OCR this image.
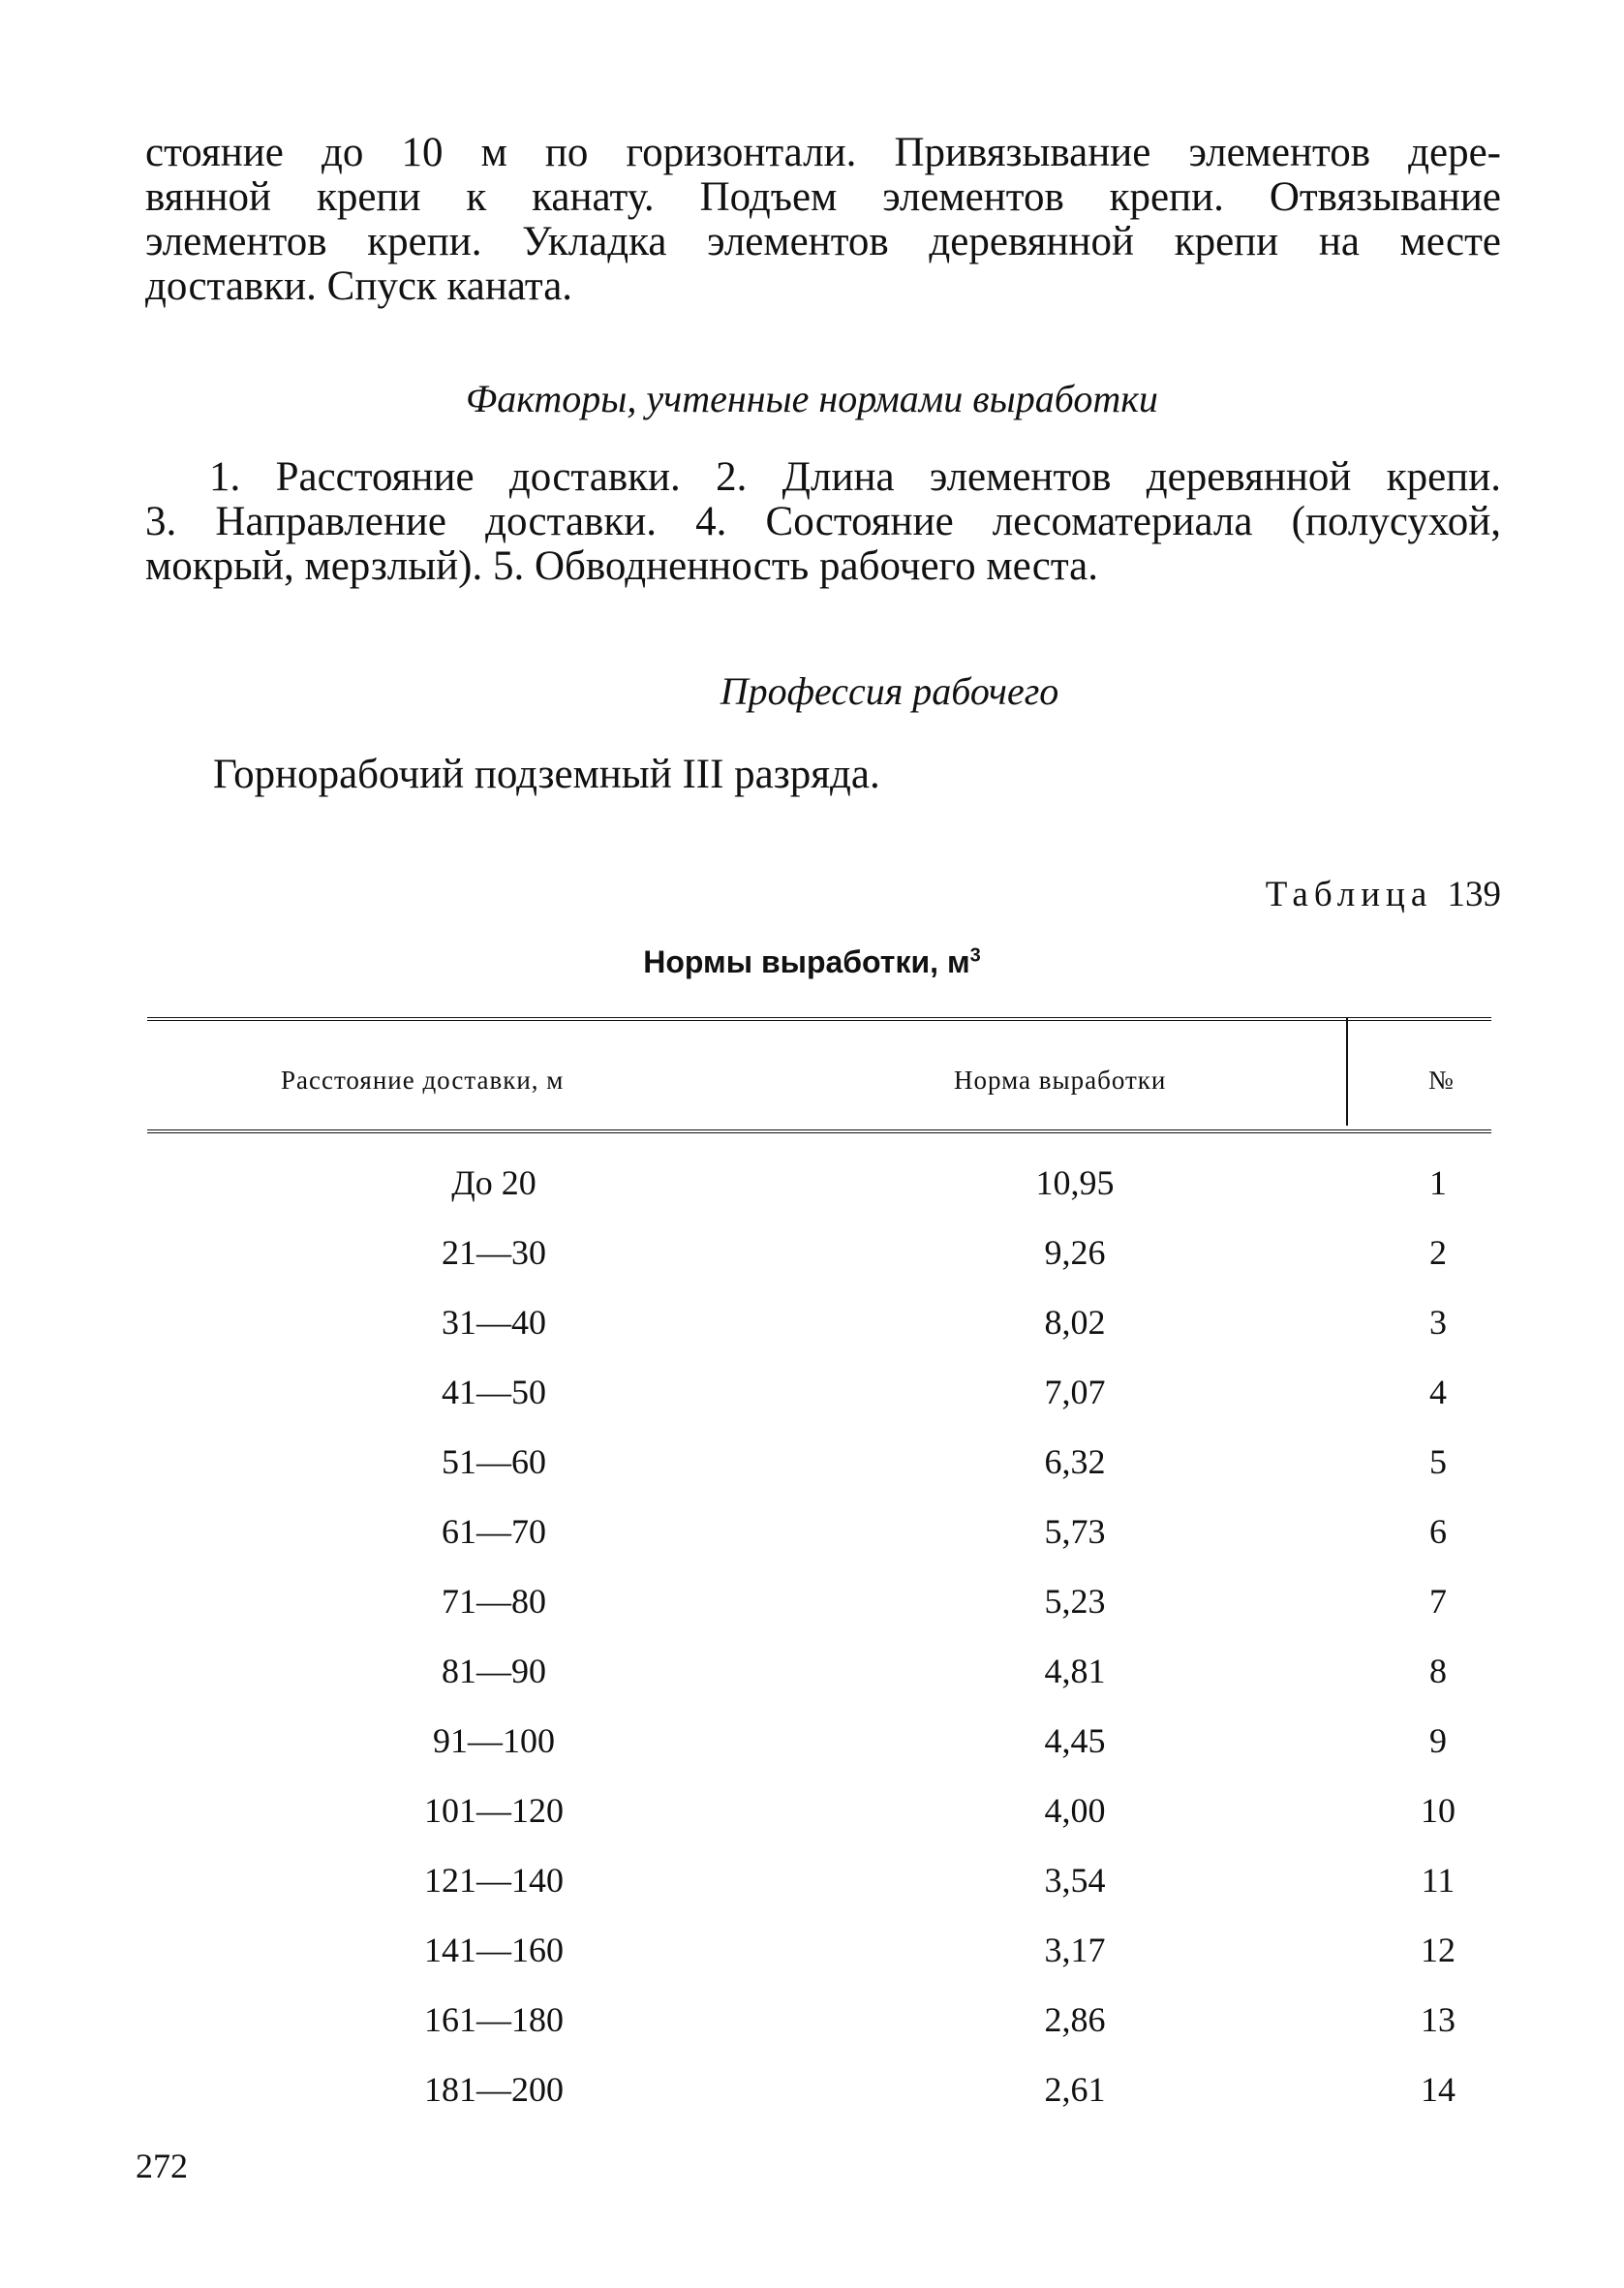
стояние до 10 м по горизонтали. Привязывание элементов дере-
вянной крепи к канату. Подъем элементов крепи. Отвязывание
элементов крепи. Укладка элементов деревянной крепи на месте
доставки. Спуск каната.

Факторы, учтенные нормами выработки

1. Расстояние доставки. 2. Длина элементов деревянной крепи.
3. Направление доставки. 4. Состояние лесоматериала (полусухой,
мокрый, мерзлый). 5. Обводненность рабочего места.

Профессия рабочего

Горнорабочий подземный III разряда.

Таблица 139

Нормы выработки, $м^3$

Расстояние доставки, м	Норма выработки	№

До 20	10,95	1
21—30	9,26	2
31—40	8,02	3
41—50	7,07	4
51—60	6,32	5
61—70	5,73	6
71—80	5,23	7
81—90	4,81	8
91—100	4,45	9
101—120	4,00	10
121—140	3,54	11
141—160	3,17	12
161—180	2,86	13
181—200	2,61	14

272
